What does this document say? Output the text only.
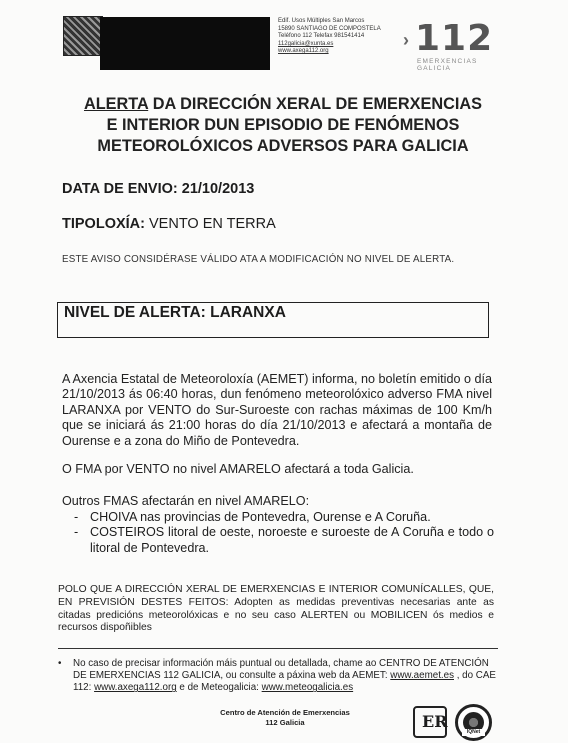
Edif. Usos Múltiples San Marcos
15890 SANTIAGO DE COMPOSTELA
Teléfono 112 Telefax 981541414
112galicia@xunta.es
www.axega112.org
› 112
EMERXENCIAS
GALICIA
ALERTA DA DIRECCIÓN XERAL DE EMERXENCIAS
E INTERIOR DUN EPISODIO DE FENÓMENOS
METEOROLÓXICOS ADVERSOS PARA GALICIA
DATA DE ENVIO: 21/10/2013
TIPOLOXÍA: VENTO EN TERRA
ESTE AVISO CONSIDÉRASE VÁLIDO ATA A MODIFICACIÓN NO NIVEL DE ALERTA.
NIVEL DE ALERTA: LARANXA
A Axencia Estatal de Meteoroloxía (AEMET) informa, no boletín emitido o día 21/10/2013 ás 06:40 horas, dun fenómeno meteorolóxico adverso FMA nivel LARANXA por VENTO do Sur-Suroeste con rachas máximas de 100 Km/h que se iniciará ás 21:00 horas do día 21/10/2013 e afectará a montaña de Ourense e a zona do Miño de Pontevedra.
O FMA por VENTO no nivel AMARELO afectará a toda Galicia.
Outros FMAS afectarán en nivel AMARELO:
- CHOIVA nas provincias de Pontevedra, Ourense e A Coruña.
- COSTEIROS litoral de oeste, noroeste e suroeste de A Coruña e todo o litoral de Pontevedra.
POLO QUE A DIRECCIÓN XERAL DE EMERXENCIAS E INTERIOR COMUNÍCALLES, QUE, EN PREVISIÓN DESTES FEITOS: Adopten as medidas preventivas necesarias ante as citadas predicións meteorolóxicas e no seu caso ALERTEN ou MOBILICEN ós medios e recursos dispoñibles
•	No caso de precisar información máis puntual ou detallada, chame ao CENTRO DE ATENCIÓN DE EMERXENCIAS 112 GALICIA, ou consulte a páxina web da AEMET: www.aemet.es , do CAE 112: www.axega112.org e de Meteogalicia: www.meteogalicia.es
Centro de Atención de Emerxencias
112 Galicia	ER
IQNet
